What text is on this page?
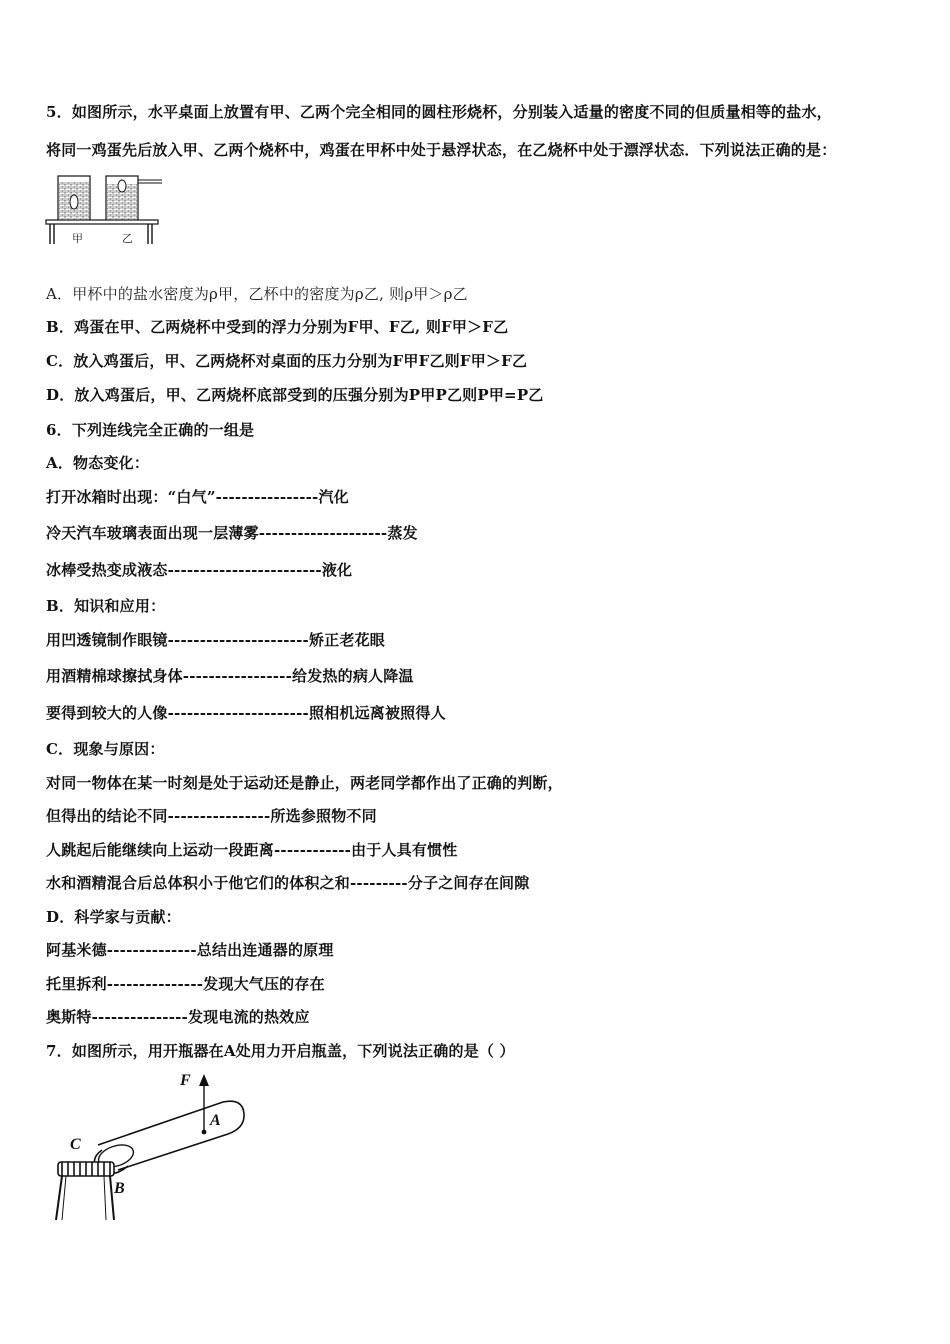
5．如图所示，水平桌面上放置有甲、乙两个完全相同的圆柱形烧杯，分别装入适量的密度不同的但质量相等的盐水，
将同一鸡蛋先后放入甲、乙两个烧杯中，鸡蛋在甲杯中处于悬浮状态，在乙烧杯中处于漂浮状态．下列说法正确的是：
甲	乙
A．甲杯中的盐水密度为ρ甲，乙杯中的密度为ρ乙, 则ρ甲＞ρ乙
B．鸡蛋在甲、乙两烧杯中受到的浮力分别为F甲、F乙, 则F甲＞F乙
C．放入鸡蛋后，甲、乙两烧杯对桌面的压力分别为F甲F乙则F甲＞F乙
D．放入鸡蛋后，甲、乙两烧杯底部受到的压强分别为P甲P乙则P甲=P乙
6．下列连线完全正确的一组是
A．物态变化：
打开冰箱时出现：“白气”----------------汽化
冷天汽车玻璃表面出现一层薄雾--------------------蒸发
冰棒受热变成液态------------------------液化
B．知识和应用：
用凹透镜制作眼镜----------------------矫正老花眼
用酒精棉球擦拭身体-----------------给发热的病人降温
要得到较大的人像----------------------照相机远离被照得人
C．现象与原因：
对同一物体在某一时刻是处于运动还是静止，两老同学都作出了正确的判断，
但得出的结论不同----------------所选参照物不同
人跳起后能继续向上运动一段距离------------由于人具有惯性
水和酒精混合后总体积小于他它们的体积之和---------分子之间存在间隙
D．科学家与贡献：
阿基米德--------------总结出连通器的原理
托里拆利---------------发现大气压的存在
奥斯特---------------发现电流的热效应
7．如图所示，用开瓶器在A处用力开启瓶盖，下列说法正确的是（ ）
F
A
C
B
